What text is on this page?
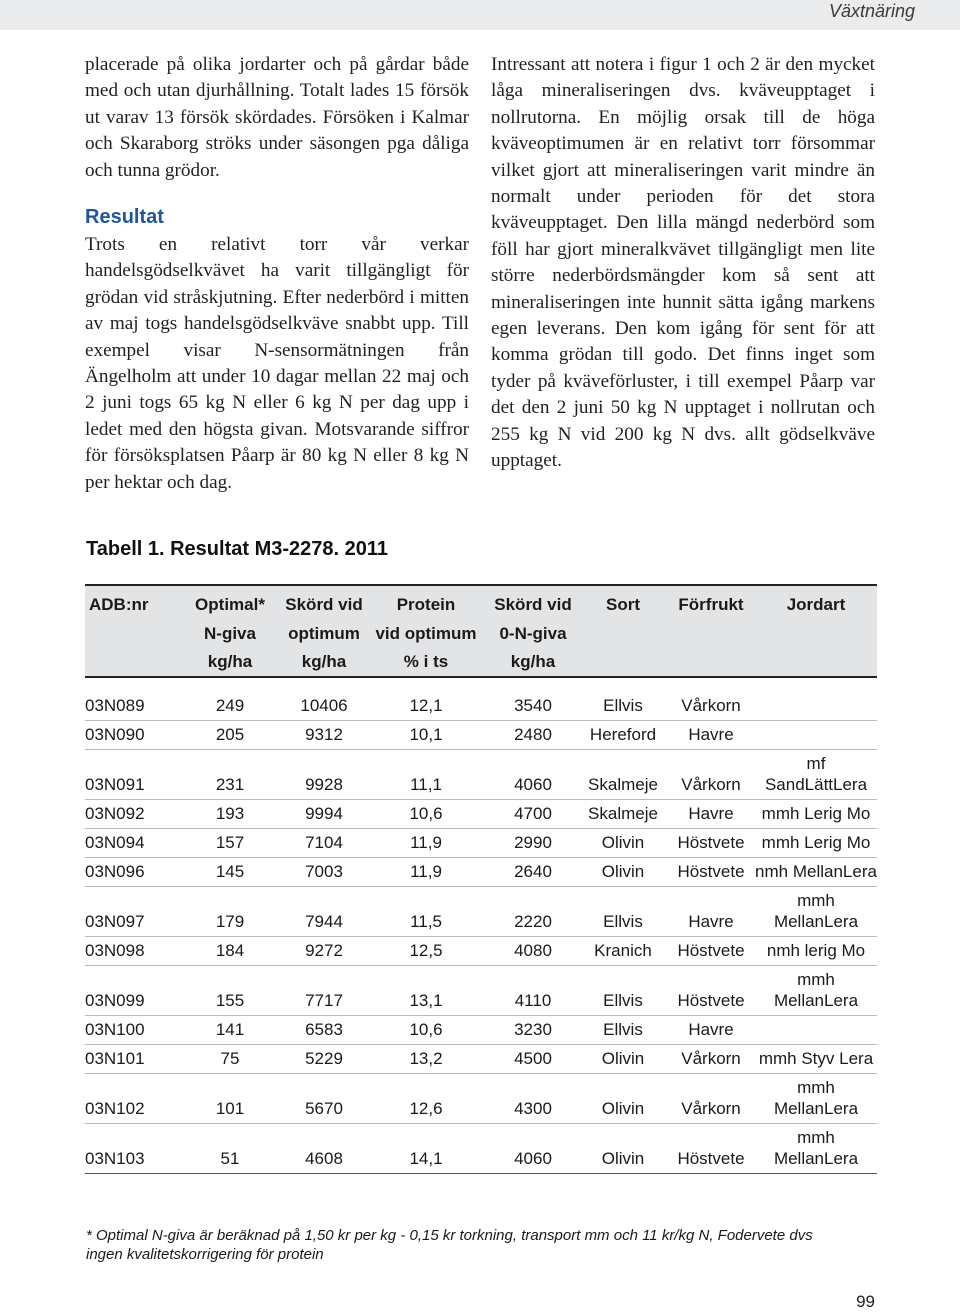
Växtnäring

placerade på olika jordarter och på gårdar både med och utan djurhållning. Totalt lades 15 försök ut varav 13 försök skördades. Försöken i Kalmar och Skaraborg ströks under säsongen pga dåliga och tunna grödor.

Resultat

Trots en relativt torr vår verkar handelsgödselkvävet ha varit tillgängligt för grödan vid stråskjutning. Efter nederbörd i mitten av maj togs handelsgödselkväve snabbt upp. Till exempel visar N-sensormätningen från Ängelholm att under 10 dagar mellan 22 maj och 2 juni togs 65 kg N eller 6 kg N per dag upp i ledet med den högsta givan. Motsvarande siffror för försöksplatsen Påarp är 80 kg N eller 8 kg N per hektar och dag.

Intressant att notera i figur 1 och 2 är den mycket låga mineraliseringen dvs. kväveupptaget i nollrutorna. En möjlig orsak till de höga kväveoptimumen är en relativt torr försommar vilket gjort att mineraliseringen varit mindre än normalt under perioden för det stora kväveupptaget. Den lilla mängd nederbörd som föll har gjort mineralkvävet tillgängligt men lite större nederbördsmängder kom så sent att mineraliseringen inte hunnit sätta igång markens egen leverans. Den kom igång för sent för att komma grödan till godo. Det finns inget som tyder på kväveförluster, i till exempel Påarp var det den 2 juni 50 kg N upptaget i nollrutan och 255 kg N vid 200 kg N dvs. allt gödselkväve upptaget.

Tabell 1. Resultat M3-2278. 2011
ADB:nr	Optimal*	Skörd vid	Protein	Skörd vid	Sort	Förfrukt	Jordart
	N-giva	optimum	vid optimum	0-N-giva			
	kg/ha	kg/ha	% i ts	kg/ha			

03N089	249	10406	12,1	3540	Ellvis	Vårkorn	
03N090	205	9312	10,1	2480	Hereford	Havre	
03N091	231	9928	11,1	4060	Skalmeje	Vårkorn	mf SandLättLera
03N092	193	9994	10,6	4700	Skalmeje	Havre	mmh Lerig Mo
03N094	157	7104	11,9	2990	Olivin	Höstvete	mmh Lerig Mo
03N096	145	7003	11,9	2640	Olivin	Höstvete	nmh MellanLera
03N097	179	7944	11,5	2220	Ellvis	Havre	mmh MellanLera
03N098	184	9272	12,5	4080	Kranich	Höstvete	nmh lerig Mo
03N099	155	7717	13,1	4110	Ellvis	Höstvete	mmh MellanLera
03N100	141	6583	10,6	3230	Ellvis	Havre	
03N101	75	5229	13,2	4500	Olivin	Vårkorn	mmh Styv Lera
03N102	101	5670	12,6	4300	Olivin	Vårkorn	mmh MellanLera
03N103	51	4608	14,1	4060	Olivin	Höstvete	mmh MellanLera
* Optimal N-giva är beräknad på 1,50 kr per kg - 0,15 kr torkning, transport mm och 11 kr/kg N, Fodervete dvs ingen kvalitetskorrigering för protein
99
